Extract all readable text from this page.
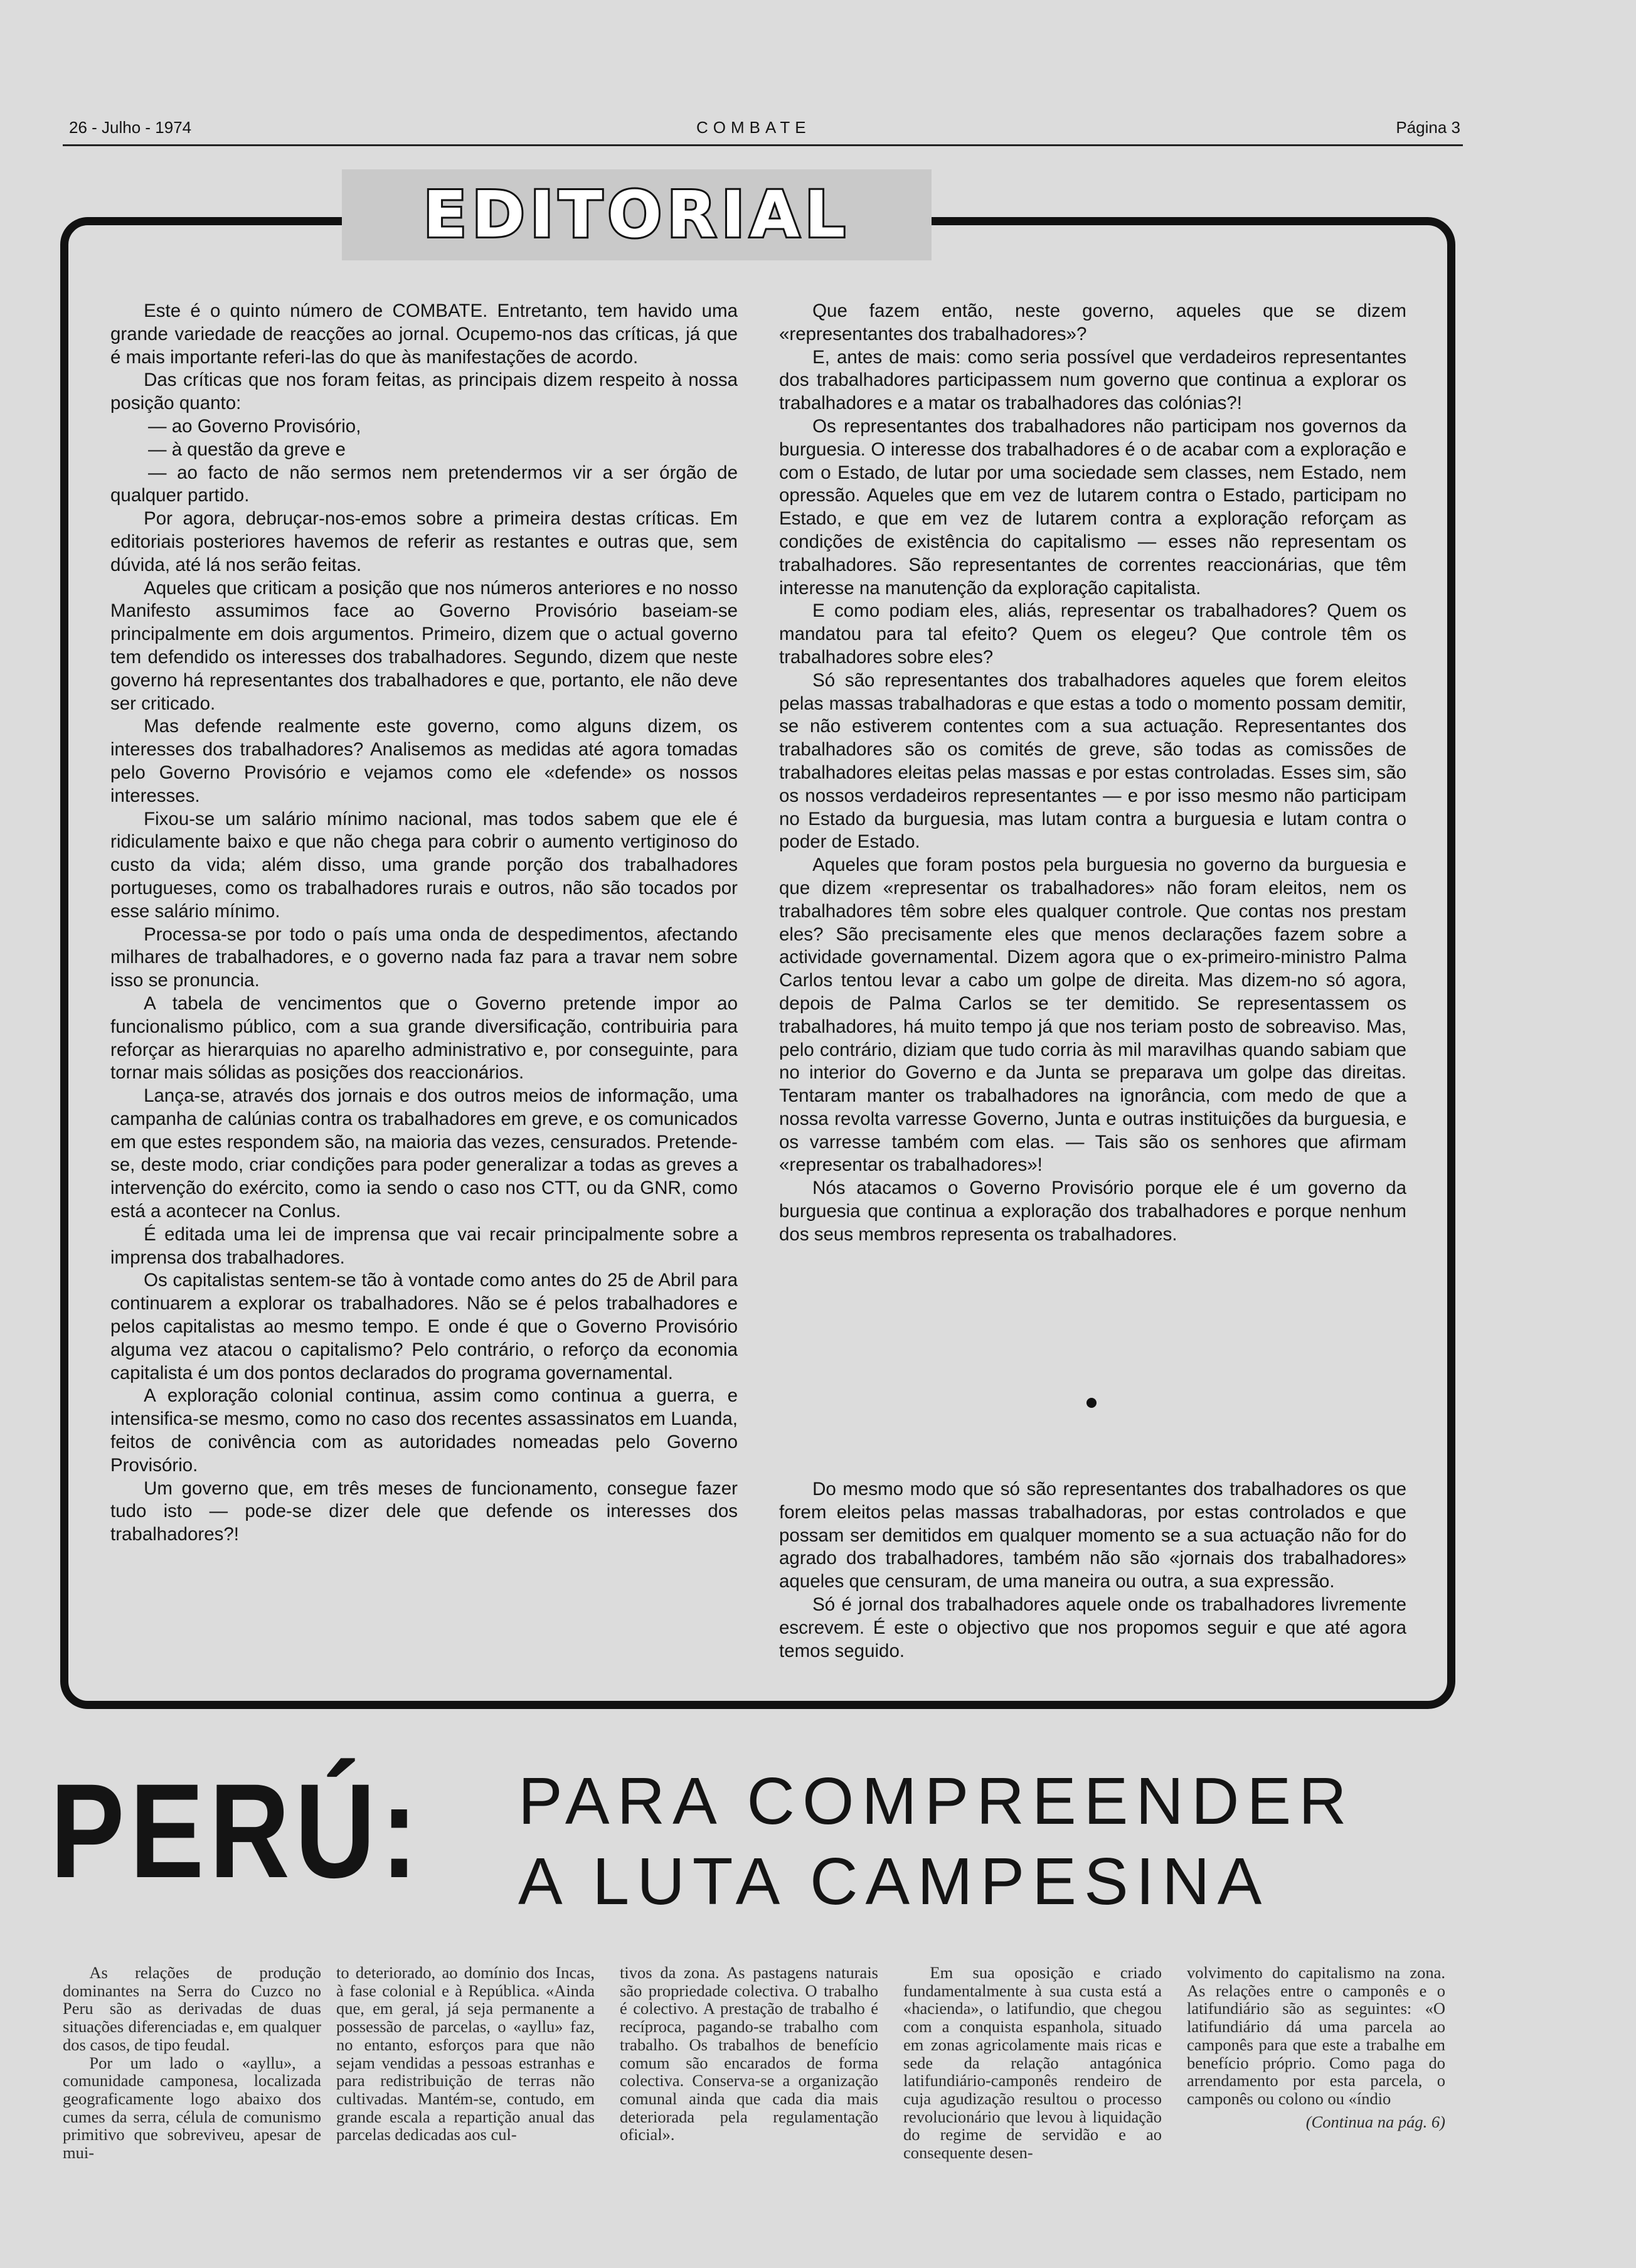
26 - Julho - 1974	COMBATE	Página 3
EDITORIAL

Este é o quinto número de COMBATE. Entretanto, tem havido uma grande variedade de reacções ao jornal. Ocupemo-nos das críticas, já que é mais importante referi-las do que às manifestações de acordo.

Das críticas que nos foram feitas, as principais dizem respeito à nossa posição quanto:

— ao Governo Provisório,

— à questão da greve e

— ao facto de não sermos nem pretendermos vir a ser órgão de qualquer partido.

Por agora, debruçar-nos-emos sobre a primeira destas críticas. Em editoriais posteriores havemos de referir as restantes e outras que, sem dúvida, até lá nos serão feitas.

Aqueles que criticam a posição que nos números anteriores e no nosso Manifesto assumimos face ao Governo Provisório baseiam-se principalmente em dois argumentos. Primeiro, dizem que o actual governo tem defendido os interesses dos trabalhadores. Segundo, dizem que neste governo há representantes dos trabalhadores e que, portanto, ele não deve ser criticado.

Mas defende realmente este governo, como alguns dizem, os interesses dos trabalhadores? Analisemos as medidas até agora tomadas pelo Governo Provisório e vejamos como ele «defende» os nossos interesses.

Fixou-se um salário mínimo nacional, mas todos sabem que ele é ridiculamente baixo e que não chega para cobrir o aumento vertiginoso do custo da vida; além disso, uma grande porção dos trabalhadores portugueses, como os trabalhadores rurais e outros, não são tocados por esse salário mínimo.

Processa-se por todo o país uma onda de despedimentos, afectando milhares de trabalhadores, e o governo nada faz para a travar nem sobre isso se pronuncia.

A tabela de vencimentos que o Governo pretende impor ao funcionalismo público, com a sua grande diversificação, contribuiria para reforçar as hierarquias no aparelho administrativo e, por conseguinte, para tornar mais sólidas as posições dos reaccionários.

Lança-se, através dos jornais e dos outros meios de informação, uma campanha de calúnias contra os trabalhadores em greve, e os comunicados em que estes respondem são, na maioria das vezes, censurados. Pretende-se, deste modo, criar condições para poder generalizar a todas as greves a intervenção do exército, como ia sendo o caso nos CTT, ou da GNR, como está a acontecer na Conlus.

É editada uma lei de imprensa que vai recair principalmente sobre a imprensa dos trabalhadores.

Os capitalistas sentem-se tão à vontade como antes do 25 de Abril para continuarem a explorar os trabalhadores. Não se é pelos trabalhadores e pelos capitalistas ao mesmo tempo. E onde é que o Governo Provisório alguma vez atacou o capitalismo? Pelo contrário, o reforço da economia capitalista é um dos pontos declarados do programa governamental.

A exploração colonial continua, assim como continua a guerra, e intensifica-se mesmo, como no caso dos recentes assassinatos em Luanda, feitos de conivência com as autoridades nomeadas pelo Governo Provisório.

Um governo que, em três meses de funcionamento, consegue fazer tudo isto — pode-se dizer dele que defende os interesses dos trabalhadores?!

Que fazem então, neste governo, aqueles que se dizem «representantes dos trabalhadores»?

E, antes de mais: como seria possível que verdadeiros representantes dos trabalhadores participassem num governo que continua a explorar os trabalhadores e a matar os trabalhadores das colónias?!

Os representantes dos trabalhadores não participam nos governos da burguesia. O interesse dos trabalhadores é o de acabar com a exploração e com o Estado, de lutar por uma sociedade sem classes, nem Estado, nem opressão. Aqueles que em vez de lutarem contra o Estado, participam no Estado, e que em vez de lutarem contra a exploração reforçam as condições de existência do capitalismo — esses não representam os trabalhadores. São representantes de correntes reaccionárias, que têm interesse na manutenção da exploração capitalista.

E como podiam eles, aliás, representar os trabalhadores? Quem os mandatou para tal efeito? Quem os elegeu? Que controle têm os trabalhadores sobre eles?

Só são representantes dos trabalhadores aqueles que forem eleitos pelas massas trabalhadoras e que estas a todo o momento possam demitir, se não estiverem contentes com a sua actuação. Representantes dos trabalhadores são os comités de greve, são todas as comissões de trabalhadores eleitas pelas massas e por estas controladas. Esses sim, são os nossos verdadeiros representantes — e por isso mesmo não participam no Estado da burguesia, mas lutam contra a burguesia e lutam contra o poder de Estado.

Aqueles que foram postos pela burguesia no governo da burguesia e que dizem «representar os trabalhadores» não foram eleitos, nem os trabalhadores têm sobre eles qualquer controle. Que contas nos prestam eles? São precisamente eles que menos declarações fazem sobre a actividade governamental. Dizem agora que o ex-primeiro-ministro Palma Carlos tentou levar a cabo um golpe de direita. Mas dizem-no só agora, depois de Palma Carlos se ter demitido. Se representassem os trabalhadores, há muito tempo já que nos teriam posto de sobreaviso. Mas, pelo contrário, diziam que tudo corria às mil maravilhas quando sabiam que no interior do Governo e da Junta se preparava um golpe das direitas. Tentaram manter os trabalhadores na ignorância, com medo de que a nossa revolta varresse Governo, Junta e outras instituições da burguesia, e os varresse também com elas. — Tais são os senhores que afirmam «representar os trabalhadores»!

Nós atacamos o Governo Provisório porque ele é um governo da burguesia que continua a exploração dos trabalhadores e porque nenhum dos seus membros representa os trabalhadores.

Do mesmo modo que só são representantes dos trabalhadores os que forem eleitos pelas massas trabalhadoras, por estas controlados e que possam ser demitidos em qualquer momento se a sua actuação não for do agrado dos trabalhadores, também não são «jornais dos trabalhadores» aqueles que censuram, de uma maneira ou outra, a sua expressão.

Só é jornal dos trabalhadores aquele onde os trabalhadores livremente escrevem. É este o objectivo que nos propomos seguir e que até agora temos seguido.

PERÚ: PARA COMPREENDER
A LUTA CAMPESINA

As relações de produção dominantes na Serra do Cuzco no Peru são as derivadas de duas situações diferenciadas e, em qualquer dos casos, de tipo feudal.

Por um lado o «ayllu», a comunidade camponesa, localizada geograficamente logo abaixo dos cumes da serra, célula de comunismo primitivo que sobreviveu, apesar de mui-

to deteriorado, ao domínio dos Incas, à fase colonial e à República. «Ainda que, em geral, já seja permanente a possessão de parcelas, o «ayllu» faz, no entanto, esforços para que não sejam vendidas a pessoas estranhas e para redistribuição de terras não cultivadas. Mantém-se, contudo, em grande escala a repartição anual das parcelas dedicadas aos cul-

tivos da zona. As pastagens naturais são propriedade colectiva. O trabalho é colectivo. A prestação de trabalho é recíproca, pagando-se trabalho com trabalho. Os trabalhos de benefício comum são encarados de forma colectiva. Conserva-se a organização comunal ainda que cada dia mais deteriorada pela regulamentação oficial».

Em sua oposição e criado fundamentalmente à sua custa está a «hacienda», o latifundio, que chegou com a conquista espanhola, situado em zonas agricolamente mais ricas e sede da relação antagónica latifundiário-camponês rendeiro de cuja agudização resultou o processo revolucionário que levou à liquidação do regime de servidão e ao consequente desen-

volvimento do capitalismo na zona. As relações entre o camponês e o latifundiário são as seguintes: «O latifundiário dá uma parcela ao camponês para que este a trabalhe em benefício próprio. Como paga do arrendamento por esta parcela, o camponês ou colono ou «índio

(Continua na pág. 6)
